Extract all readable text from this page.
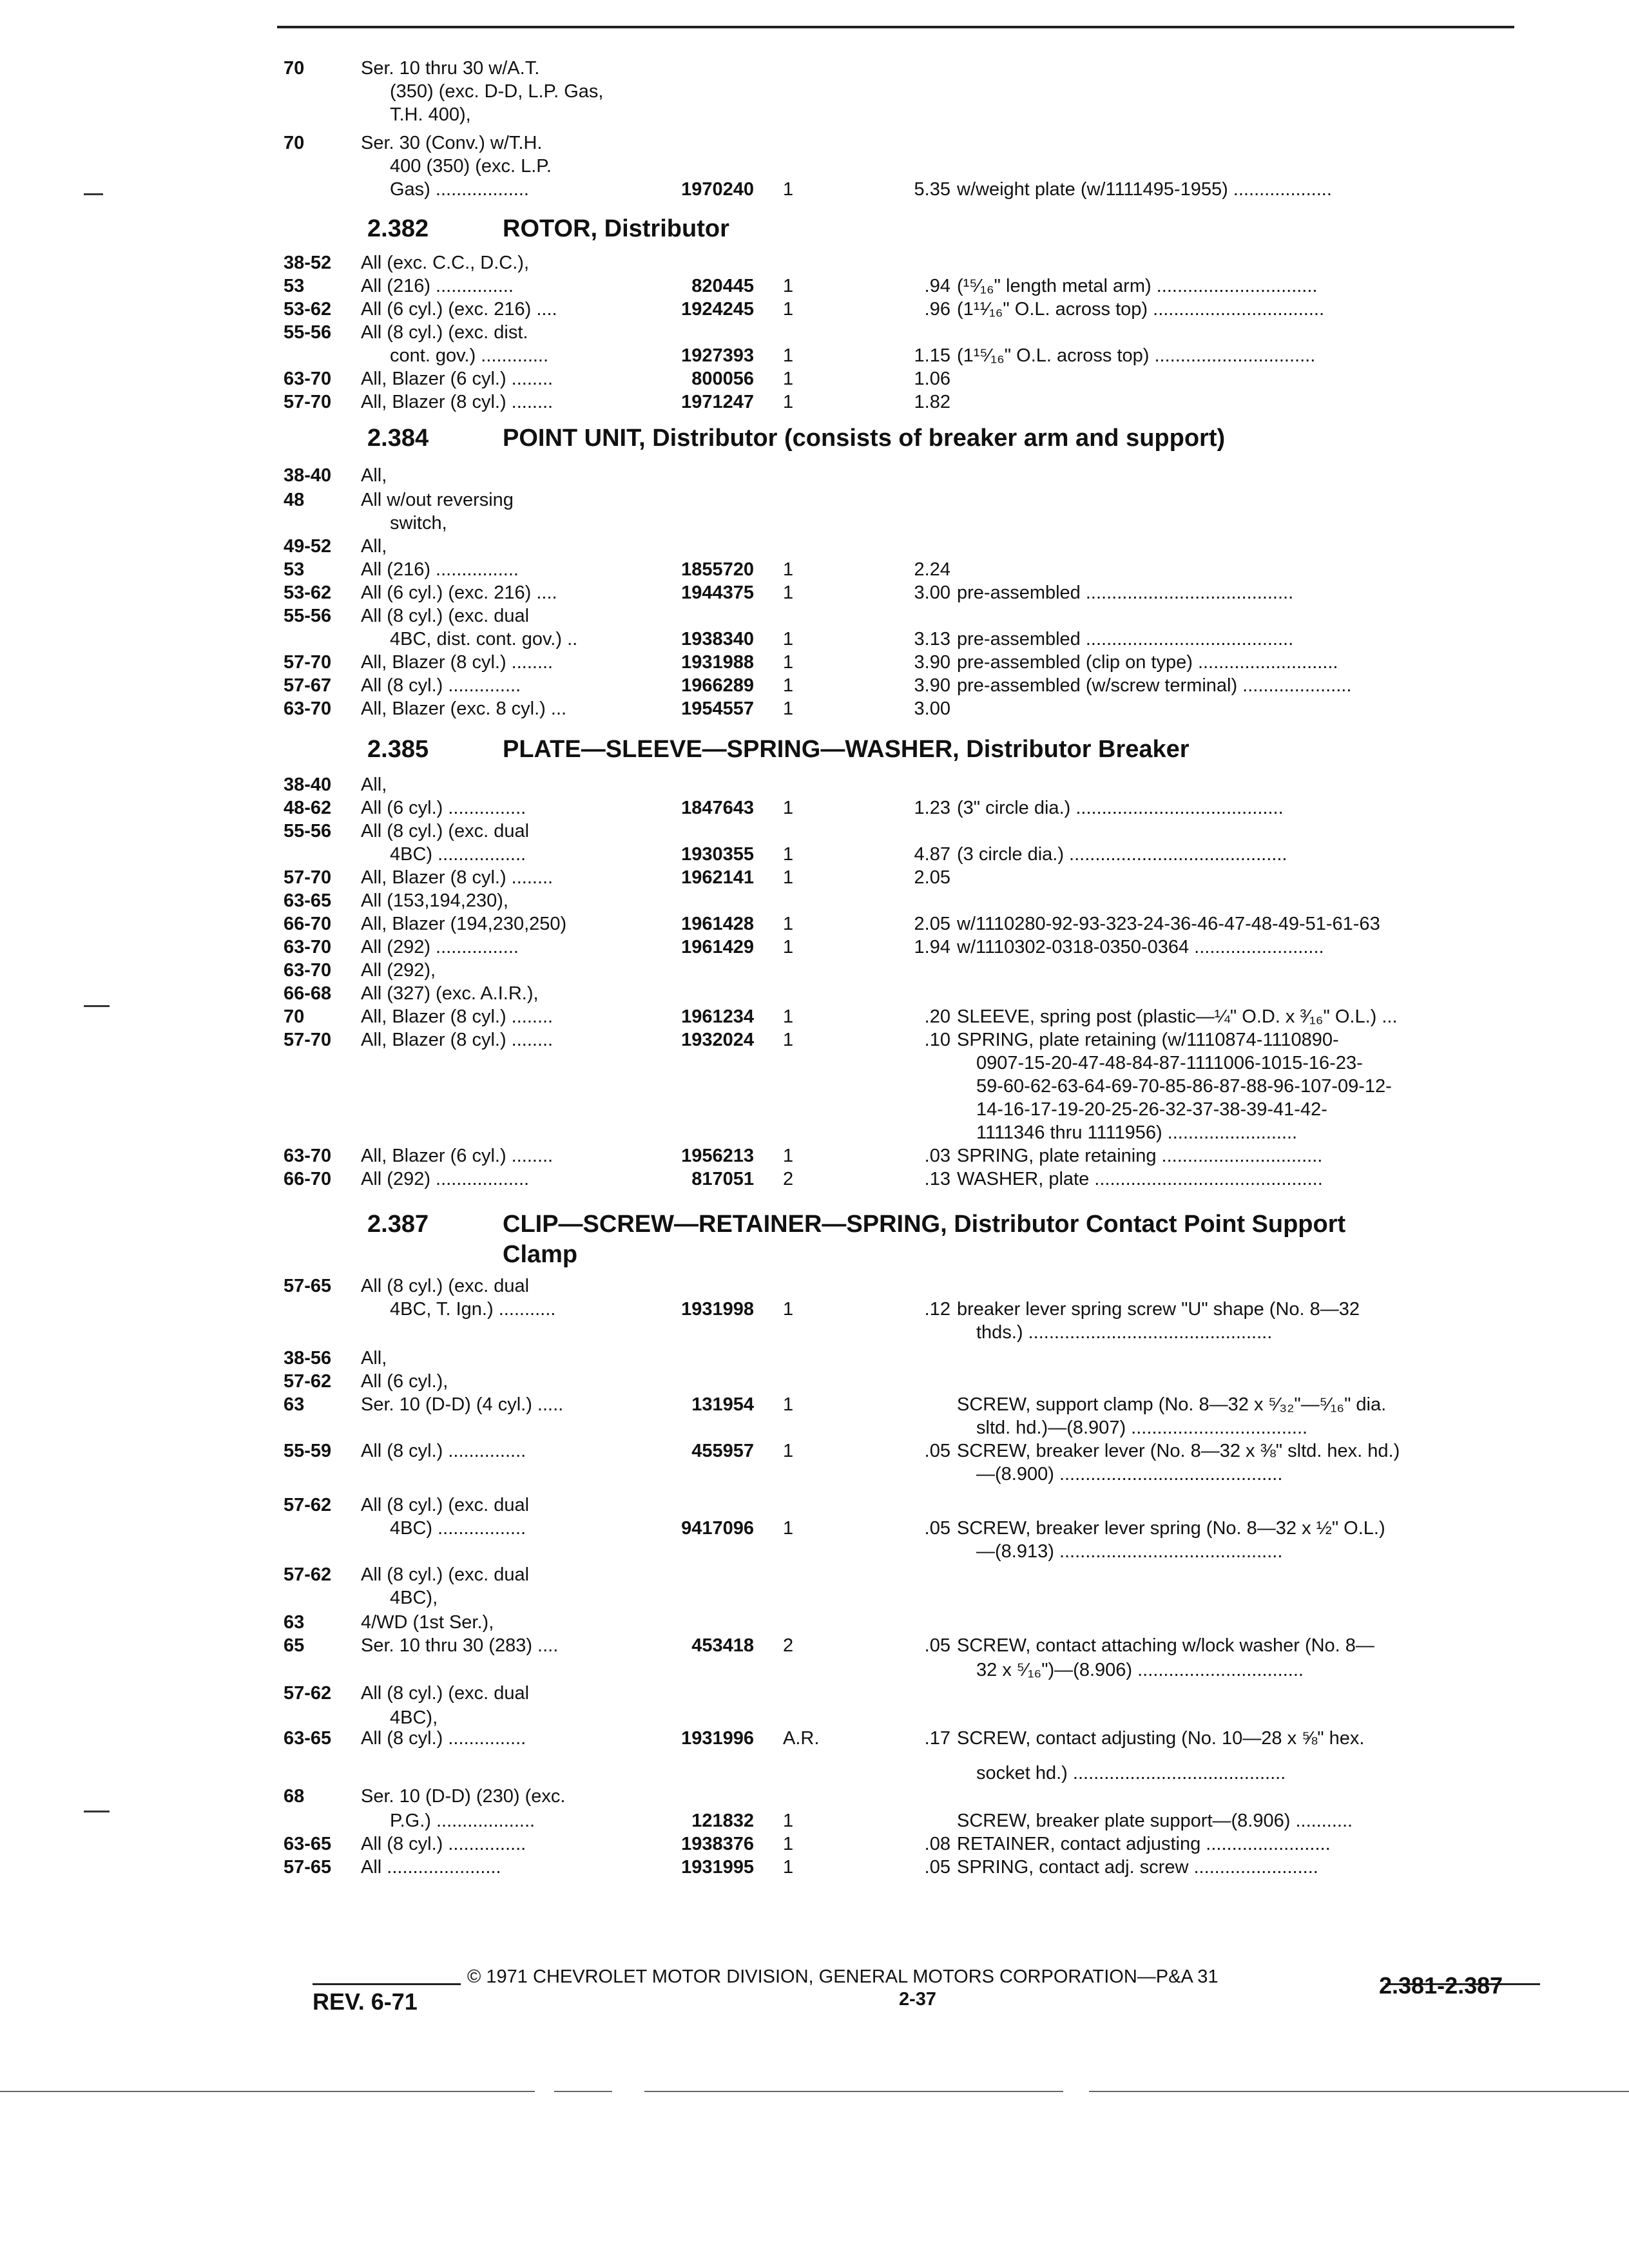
2.382	ROTOR, Distributor
2.384	POINT UNIT, Distributor (consists of breaker arm and support)
2.385	PLATE—SLEEVE—SPRING—WASHER, Distributor Breaker
2.387	CLIP—SCREW—RETAINER—SPRING, Distributor Contact Point Support
Clamp
70	Ser. 10 thru 30 w/A.T.
(350) (exc. D-D, L.P. Gas,
T.H. 400),
70	Ser. 30 (Conv.) w/T.H.
400 (350) (exc. L.P.
Gas) ..................	1970240 1	5.35 w/weight plate (w/1111495-1955) ...................
38-52 All (exc. C.C., D.C.),
53	All (216) ...............	820445 1	.94 (¹⁵⁄₁₆" length metal arm) ...............................
53-62 All (6 cyl.) (exc. 216) ....	1924245 1	.96 (1¹¹⁄₁₆" O.L. across top) .................................
55-56 All (8 cyl.) (exc. dist.
cont. gov.) .............	1927393 1	1.15 (1¹⁵⁄₁₆" O.L. across top) ...............................
63-70 All, Blazer (6 cyl.) ........	800056 1	1.06
57-70 All, Blazer (8 cyl.) ........	1971247 1	1.82
38-40 All,
48	All w/out reversing
switch,
49-52 All,
53	All (216) ................	1855720 1	2.24
53-62 All (6 cyl.) (exc. 216) ....	1944375 1	3.00 pre-assembled ........................................
55-56 All (8 cyl.) (exc. dual
4BC, dist. cont. gov.) ..	1938340 1	3.13 pre-assembled ........................................
57-70 All, Blazer (8 cyl.) ........	1931988 1	3.90 pre-assembled (clip on type) ...........................
57-67 All (8 cyl.) ..............	1966289 1	3.90 pre-assembled (w/screw terminal) .....................
63-70 All, Blazer (exc. 8 cyl.) ...	1954557 1	3.00
38-40 All,
48-62 All (6 cyl.) ...............	1847643 1	1.23 (3" circle dia.) ........................................
55-56 All (8 cyl.) (exc. dual
4BC) .................	1930355 1	4.87 (3 circle dia.) ..........................................
57-70 All, Blazer (8 cyl.) ........	1962141 1	2.05
63-65 All (153,194,230),
66-70 All, Blazer (194,230,250)	1961428 1	2.05 w/1110280-92-93-323-24-36-46-47-48-49-51-61-63
63-70 All (292) ................	1961429 1	1.94 w/1110302-0318-0350-0364 .........................
63-70 All (292),
66-68 All (327) (exc. A.I.R.),
70	All, Blazer (8 cyl.) ........	1961234 1	.20 SLEEVE, spring post (plastic—¼" O.D. x ³⁄₁₆" O.L.) ...
57-70 All, Blazer (8 cyl.) ........	1932024 1	.10 SPRING, plate retaining (w/1110874-1110890-
0907-15-20-47-48-84-87-1111006-1015-16-23-
59-60-62-63-64-69-70-85-86-87-88-96-107-09-12-
14-16-17-19-20-25-26-32-37-38-39-41-42-
1111346 thru 1111956) .........................
63-70 All, Blazer (6 cyl.) ........	1956213 1	.03 SPRING, plate retaining ...............................
66-70 All (292) ..................	817051 2	.13 WASHER, plate ............................................
57-65 All (8 cyl.) (exc. dual
4BC, T. Ign.) ...........	1931998 1	.12 breaker lever spring screw "U" shape (No. 8—32
thds.) ...............................................
38-56 All,
57-62 All (6 cyl.),
63	Ser. 10 (D-D) (4 cyl.) .....	131954 1	SCREW, support clamp (No. 8—32 x ⁵⁄₃₂"—⁵⁄₁₆" dia.
sltd. hd.)—(8.907) ..................................
55-59 All (8 cyl.) ...............	455957 1	.05 SCREW, breaker lever (No. 8—32 x ⅜" sltd. hex. hd.)
—(8.900) ...........................................
57-62 All (8 cyl.) (exc. dual
4BC) .................	9417096 1	.05 SCREW, breaker lever spring (No. 8—32 x ½" O.L.)
—(8.913) ...........................................
57-62 All (8 cyl.) (exc. dual
4BC),
63	4/WD (1st Ser.),
65	Ser. 10 thru 30 (283) ....	453418 2	.05 SCREW, contact attaching w/lock washer (No. 8—
32 x ⁵⁄₁₆")—(8.906) ................................
57-62 All (8 cyl.) (exc. dual
4BC),
63-65 All (8 cyl.) ...............	1931996 A.R.	.17 SCREW, contact adjusting (No. 10—28 x ⅝" hex.
socket hd.) .........................................
68	Ser. 10 (D-D) (230) (exc.
P.G.) ...................	121832 1	SCREW, breaker plate support—(8.906) ...........
63-65 All (8 cyl.) ...............	1938376 1	.08 RETAINER, contact adjusting ........................
57-65 All ......................	1931995 1	.05 SPRING, contact adj. screw ........................
© 1971 CHEVROLET MOTOR DIVISION, GENERAL MOTORS CORPORATION—P&A 31
REV. 6-71	2-37
2.381-2.387
